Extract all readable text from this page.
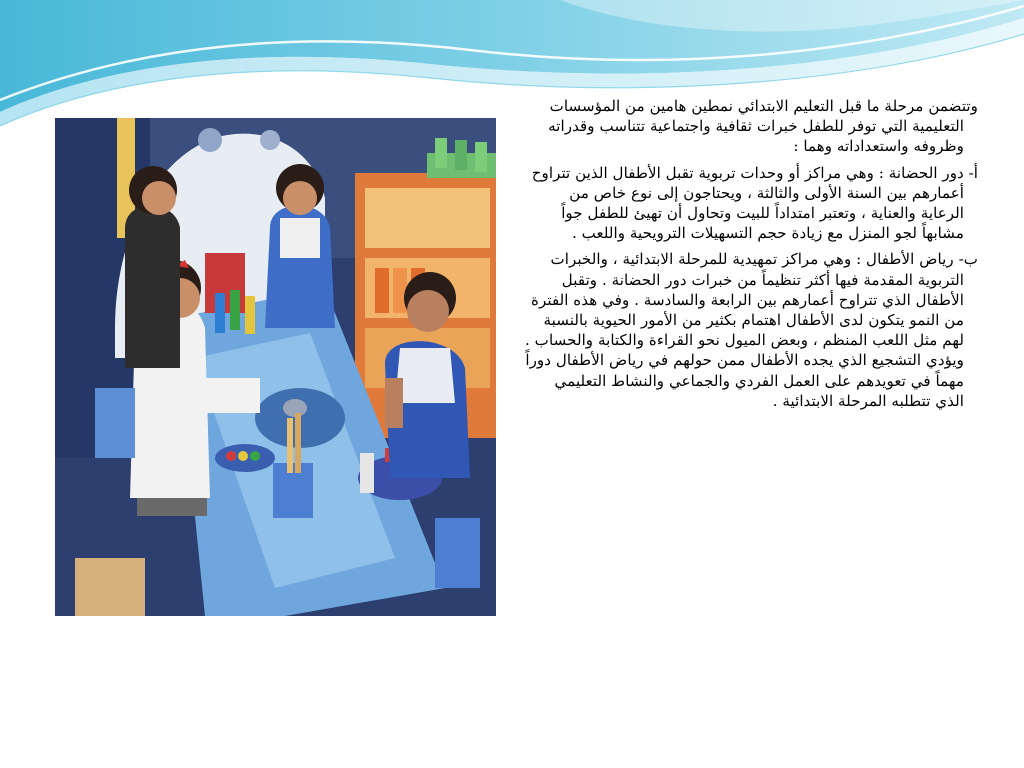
وتتضمن مرحلة ما قبل التعليم الابتدائي نمطين هامين من المؤسسات التعليمية التي توفر للطفل خبرات ثقافية واجتماعية تتناسب وقدراته وظروفه واستعداداته وهما :

أ- دور الحضانة : وهي مراكز أو وحدات تربوية تقبل الأطفال الذين تتراوح أعمارهم بين السنة الأولى والثالثة ، ويحتاجون إلى نوع خاص من الرعاية والعناية ، وتعتبر امتداداً للبيت وتحاول أن تهيئ للطفل جواً مشابهاً لجو المنزل مع زيادة حجم التسهيلات الترويحية واللعب .

ب- رياض الأطفال : وهي مراكز تمهيدية للمرحلة الابتدائية ، والخبرات التربوية المقدمة فيها أكثر تنظيماً من خبرات دور الحضانة . وتقبل الأطفال الذي تتراوح أعمارهم بين الرابعة والسادسة . وفي هذه الفترة من النمو يتكون لدى الأطفال اهتمام بكثير من الأمور الحيوية بالنسبة لهم مثل اللعب المنظم ، وبعض الميول نحو القراءة والكتابة والحساب . ويؤدي التشجيع الذي يجده الأطفال ممن حولهم في رياض الأطفال دوراً مهماً في تعويدهم على العمل الفردي والجماعي والنشاط التعليمي الذي تتطلبه المرحلة الابتدائية .
